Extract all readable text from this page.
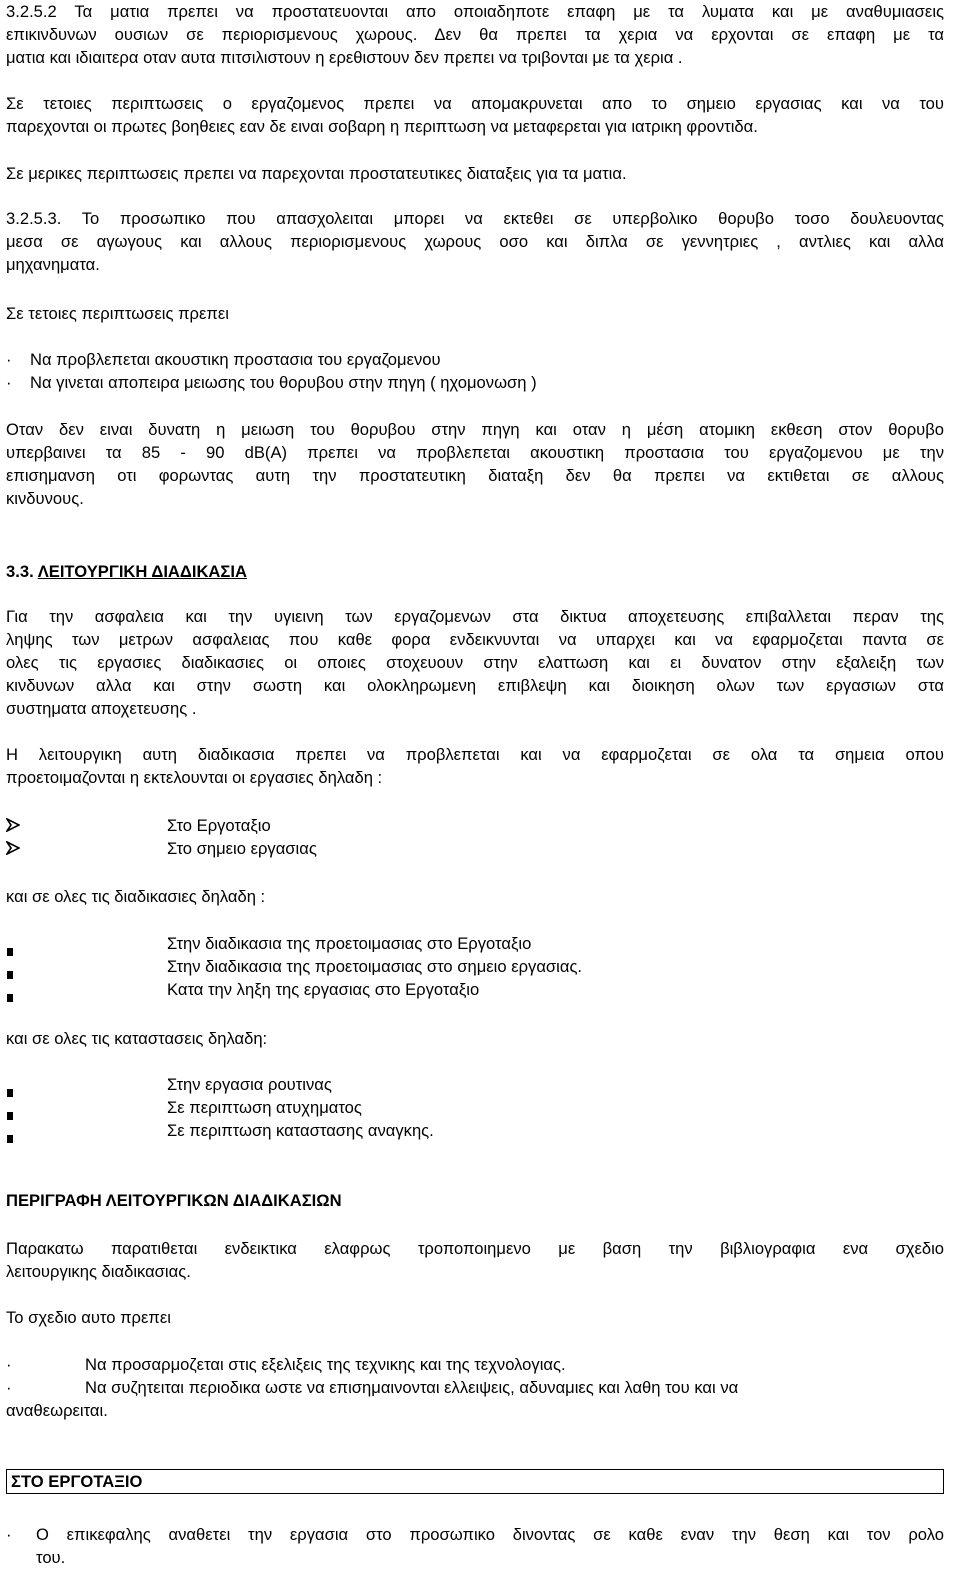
3.2.5.2 Τα ματια πρεπει να προστατευονται απο οποιαδηποτε επαφη με τα λυματα και με αναθυμιασεις
επικινδυνων ουσιων σε περιορισμενους χωρους. Δεν θα πρεπει τα χερια να ερχονται σε επαφη με τα
ματια και ιδιαιτερα οταν αυτα πιτσιλιστουν η ερεθιστουν δεν πρεπει να τριβονται με τα χερια .
Σε τετοιες περιπτωσεις ο εργαζομενος πρεπει να απομακρυνεται απο το σημειο εργασιας και να του
παρεχονται οι πρωτες βοηθειες εαν δε ειναι σοβαρη η περιπτωση να μεταφερεται για ιατρικη φροντιδα.
Σε μερικες περιπτωσεις πρεπει να παρεχονται προστατευτικες διαταξεις για τα ματια.
3.2.5.3. Το προσωπικο που απασχολειται μπορει να εκτεθει σε υπερβολικο θορυβο τοσο δουλευοντας
μεσα σε αγωγους και αλλους περιορισμενους χωρους οσο και διπλα σε γεννητριες , αντλιες και αλλα
μηχανηματα.
Σε τετοιες περιπτωσεις πρεπει
· Να προβλεπεται ακουστικη προστασια του εργαζομενου
· Να γινεται αποπειρα μειωσης του θορυβου στην πηγη ( ηχομονωση )
Οταν δεν ειναι δυνατη η μειωση του θορυβου στην πηγη και οταν η μέση ατομικη εκθεση στον θορυβο
υπερβαινει τα 85 - 90 dB(A) πρεπει να προβλεπεται ακουστικη προστασια του εργαζομενου με την
επισημανση οτι φορωντας αυτη την προστατευτικη διαταξη δεν θα πρεπει να εκτιθεται σε αλλους
κινδυνους.
3.3. ΛΕΙΤΟΥΡΓΙΚΗ ΔΙΑΔΙΚΑΣΙΑ
Για την ασφαλεια και την υγιεινη των εργαζομενων στα δικτυα αποχετευσης επιβαλλεται περαν της
ληψης των μετρων ασφαλειας που καθε φορα ενδεικνυνται να υπαρχει και να εφαρμοζεται παντα σε
ολες τις εργασιες διαδικασιες οι οποιες στοχευουν στην ελαττωση και ει δυνατον στην εξαλειξη των
κινδυνων αλλα και στην σωστη και ολοκληρωμενη επιβλεψη και διοικηση ολων των εργασιων στα
συστηματα αποχετευσης .
Η λειτουργικη αυτη διαδικασια πρεπει να προβλεπεται και να εφαρμοζεται σε ολα τα σημεια οπου
προετοιμαζονται η εκτελουνται οι εργασιες δηλαδη :
Στο Εργοταξιο
Στο σημειο εργασιας
και σε ολες τις διαδικασιες δηλαδη :
Στην διαδικασια της προετοιμασιας στο Εργοταξιο
Στην διαδικασια της προετοιμασιας στο σημειο εργασιας.
Κατα την ληξη της εργασιας στο Εργοταξιο
και σε ολες τις καταστασεις δηλαδη:
Στην εργασια ρουτινας
Σε περιπτωση ατυχηματος
Σε περιπτωση καταστασης αναγκης.
ΠΕΡΙΓΡΑΦΗ ΛΕΙΤΟΥΡΓΙΚΩΝ ΔΙΑΔΙΚΑΣΙΩΝ
Παρακατω παρατιθεται ενδεικτικα ελαφρως τροποποιημενο με βαση την βιβλιογραφια ενα σχεδιο
λειτουργικης διαδικασιας.
Το σχεδιο αυτο πρεπει
·	Να προσαρμοζεται στις εξελιξεις της τεχνικης και της τεχνολογιας.
·	Να συζητειται περιοδικα ωστε να επισημαινονται ελλειψεις, αδυναμιες και λαθη του και να
αναθεωρειται.
ΣΤΟ ΕΡΓΟΤΑΞΙΟ
· Ο επικεφαλης αναθετει την εργασια στο προσωπικο δινοντας σε καθε εναν την θεση και τον ρολο
του.
